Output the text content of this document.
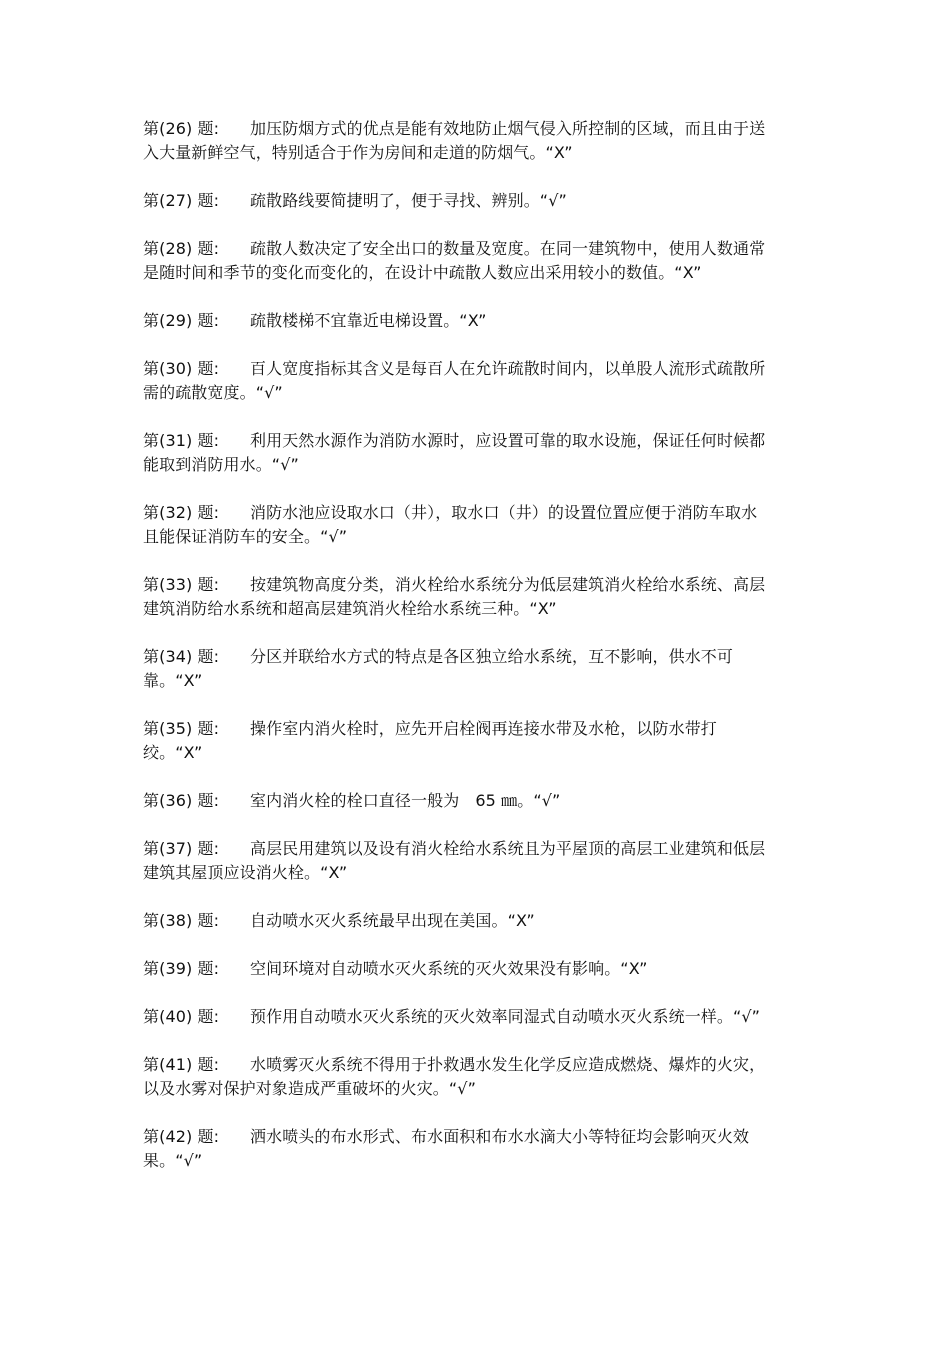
第(26) 题: 加压防烟方式的优点是能有效地防止烟气侵入所控制的区域，而且由于送入大量新鲜空气，特别适合于作为房间和走道的防烟气。“X”

第(27) 题: 疏散路线要简捷明了，便于寻找、辨别。“√”

第(28) 题: 疏散人数决定了安全出口的数量及宽度。在同一建筑物中，使用人数通常是随时间和季节的变化而变化的，在设计中疏散人数应出采用较小的数值。“X”

第(29) 题: 疏散楼梯不宜靠近电梯设置。“X”

第(30) 题: 百人宽度指标其含义是每百人在允许疏散时间内，以单股人流形式疏散所需的疏散宽度。“√”

第(31) 题: 利用天然水源作为消防水源时，应设置可靠的取水设施，保证任何时候都能取到消防用水。“√”

第(32) 题: 消防水池应设取水口（井），取水口（井）的设置位置应便于消防车取水且能保证消防车的安全。“√”

第(33) 题: 按建筑物高度分类，消火栓给水系统分为低层建筑消火栓给水系统、高层建筑消防给水系统和超高层建筑消火栓给水系统三种。“X”

第(34) 题: 分区并联给水方式的特点是各区独立给水系统，互不影响，供水不可靠。“X”

第(35) 题: 操作室内消火栓时，应先开启栓阀再连接水带及水枪，以防水带打绞。“X”

第(36) 题: 室内消火栓的栓口直径一般为　65 ㎜。“√”

第(37) 题: 高层民用建筑以及设有消火栓给水系统且为平屋顶的高层工业建筑和低层建筑其屋顶应设消火栓。“X”

第(38) 题: 自动喷水灭火系统最早出现在美国。“X”

第(39) 题: 空间环境对自动喷水灭火系统的灭火效果没有影响。“X”

第(40) 题: 预作用自动喷水灭火系统的灭火效率同湿式自动喷水灭火系统一样。“√”

第(41) 题: 水喷雾灭火系统不得用于扑救遇水发生化学反应造成燃烧、爆炸的火灾，以及水雾对保护对象造成严重破坏的火灾。“√”

第(42) 题: 洒水喷头的布水形式、布水面积和布水水滴大小等特征均会影响灭火效果。“√”
